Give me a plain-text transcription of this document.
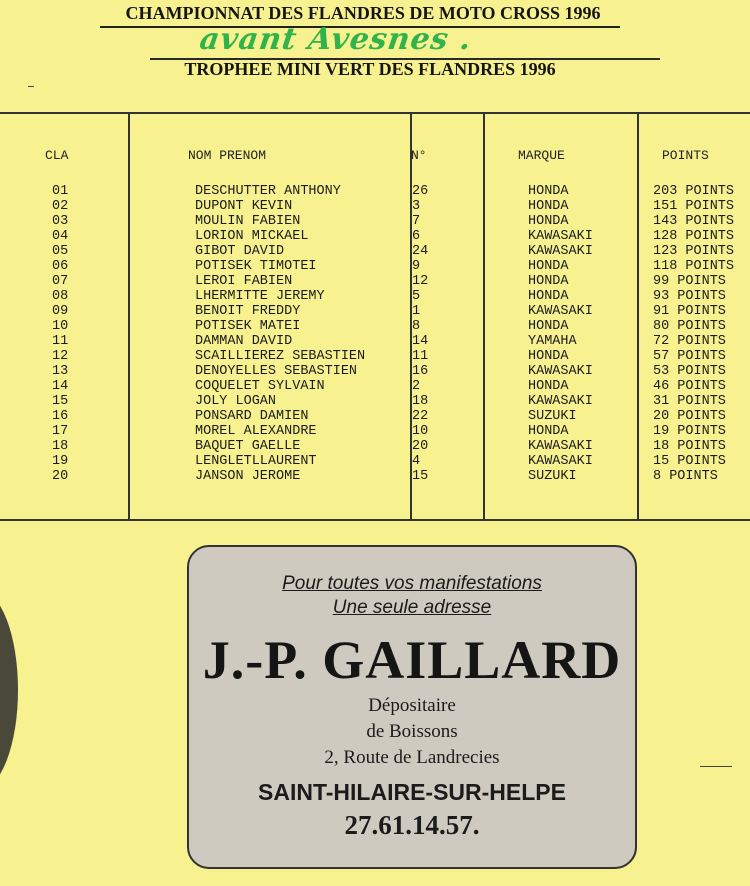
CHAMPIONNAT DES FLANDRES DE MOTO CROSS 1996
avant Avesnes .
TROPHEE MINI VERT DES FLANDRES 1996
CLA	NOM PRENOM	N°	MARQUE	POINTS
01	DESCHUTTER ANTHONY	26	HONDA	203 POINTS
02	DUPONT KEVIN	3	HONDA	151 POINTS
03	MOULIN FABIEN	7	HONDA	143 POINTS
04	LORION MICKAEL	6	KAWASAKI	128 POINTS
05	GIBOT DAVID	24	KAWASAKI	123 POINTS
06	POTISEK TIMOTEI	9	HONDA	118 POINTS
07	LEROI FABIEN	12	HONDA	99 POINTS
08	LHERMITTE JEREMY	5	HONDA	93 POINTS
09	BENOIT FREDDY	1	KAWASAKI	91 POINTS
10	POTISEK MATEI	8	HONDA	80 POINTS
11	DAMMAN DAVID	14	YAMAHA	72 POINTS
12	SCAILLIEREZ SEBASTIEN	11	HONDA	57 POINTS
13	DENOYELLES SEBASTIEN	16	KAWASAKI	53 POINTS
14	COQUELET SYLVAIN	2	HONDA	46 POINTS
15	JOLY LOGAN	18	KAWASAKI	31 POINTS
16	PONSARD DAMIEN	22	SUZUKI	20 POINTS
17	MOREL ALEXANDRE	10	HONDA	19 POINTS
18	BAQUET GAELLE	20	KAWASAKI	18 POINTS
19	LENGLETLLAURENT	4	KAWASAKI	15 POINTS
20	JANSON JEROME	15	SUZUKI	8 POINTS
Pour toutes vos manifestations
Une seule adresse
J.-P. GAILLARD
Dépositaire
de Boissons
2, Route de Landrecies
SAINT-HILAIRE-SUR-HELPE
27.61.14.57.
